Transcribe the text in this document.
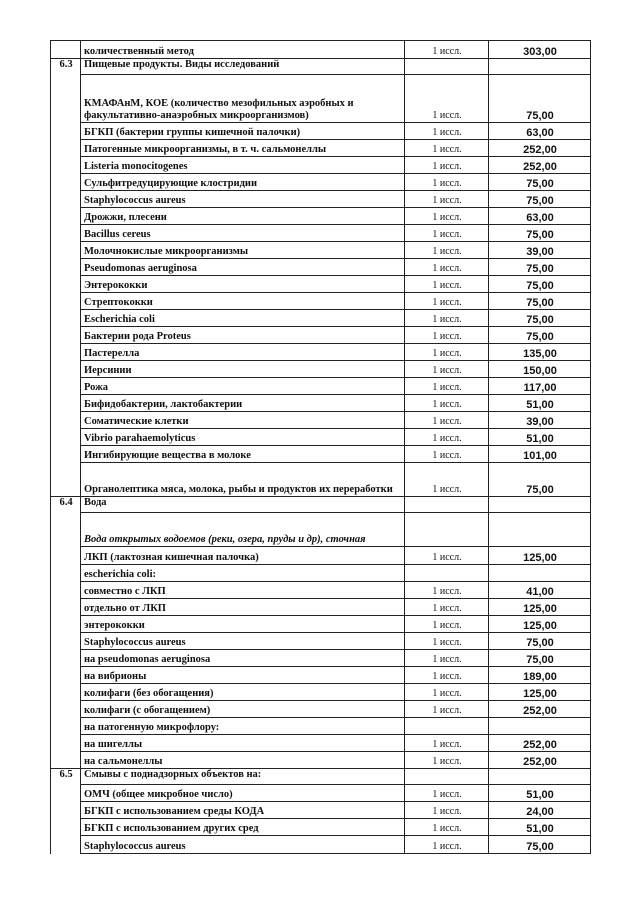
	количественный метод	1 иссл.	303,00
6.3	Пищевые продукты. Виды исследований		
	КМАФАнМ, КОЕ (количество мезофильных аэробных и факультативно-анаэробных микроорганизмов)	1 иссл.	75,00
	БГКП (бактерии группы кишечной палочки)	1 иссл.	63,00
	Патогенные микроорганизмы, в т. ч. сальмонеллы	1 иссл.	252,00
	Listeria monocitogenes	1 иссл.	252,00
	Сульфитредуцирующие клостридии	1 иссл.	75,00
	Staphylococcus aureus	1 иссл.	75,00
	Дрожжи, плесени	1 иссл.	63,00
	Bacillus cereus	1 иссл.	75,00
	Молочнокислые микроорганизмы	1 иссл.	39,00
	Pseudomonas aeruginosa	1 иссл.	75,00
	Энтерококки	1 иссл.	75,00
	Стрептококки	1 иссл.	75,00
	Escherichia coli	1 иссл.	75,00
	Бактерии рода Proteus	1 иссл.	75,00
	Пастерелла	1 иссл.	135,00
	Иерсинии	1 иссл.	150,00
	Рожа	1 иссл.	117,00
	Бифидобактерии, лактобактерии	1 иссл.	51,00
	Соматические клетки	1 иссл.	39,00
	Vibrio parahaemolyticus	1 иссл.	51,00
	Ингибирующие вещества в молоке	1 иссл.	101,00
	Органолептика мяса, молока, рыбы и продуктов их переработки	1 иссл.	75,00
6.4	Вода		
	Вода открытых водоемов (реки, озера, пруды и др), сточная		
	ЛКП (лактозная кишечная палочка)	1 иссл.	125,00
	escherichia coli:		
	совместно с ЛКП	1 иссл.	41,00
	отдельно от ЛКП	1 иссл.	125,00
	энтерококки	1 иссл.	125,00
	Staphylococcus aureus	1 иссл.	75,00
	на pseudomonas aeruginosa	1 иссл.	75,00
	на вибрионы	1 иссл.	189,00
	колифаги (без обогащения)	1 иссл.	125,00
	колифаги (с обогащением)	1 иссл.	252,00
	на патогенную микрофлору:		
	на шигеллы	1 иссл.	252,00
	на сальмонеллы	1 иссл.	252,00
6.5	Смывы с поднадзорных объектов на:		
	ОМЧ (общее микробное число)	1 иссл.	51,00
	БГКП с использованием среды КОДА	1 иссл.	24,00
	БГКП с использованием других сред	1 иссл.	51,00
	Staphylococcus aureus	1 иссл.	75,00
